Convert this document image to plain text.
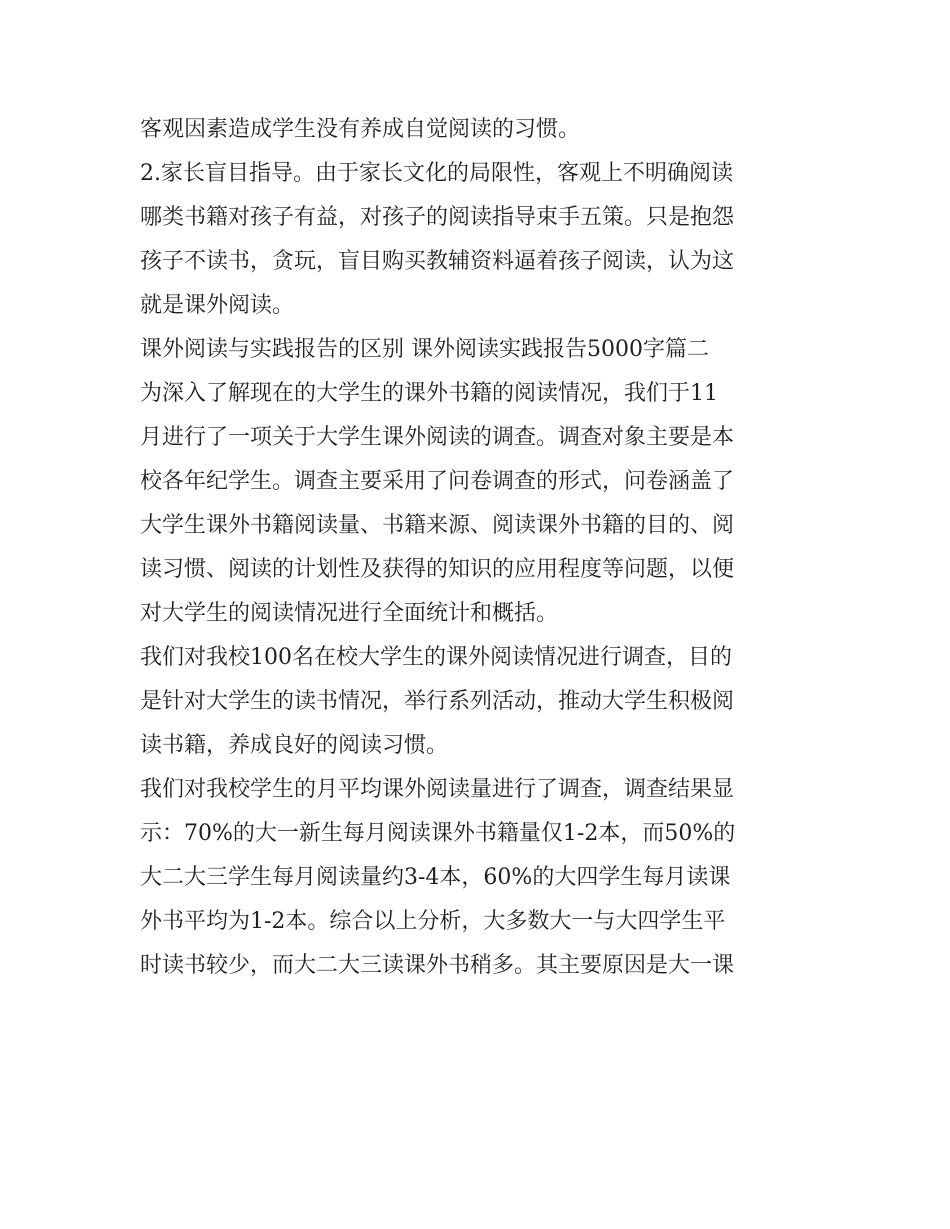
客观因素造成学生没有养成自觉阅读的习惯。
2.家长盲目指导。由于家长文化的局限性，客观上不明确阅读
哪类书籍对孩子有益，对孩子的阅读指导束手五策。只是抱怨
孩子不读书，贪玩，盲目购买教辅资料逼着孩子阅读，认为这
就是课外阅读。
课外阅读与实践报告的区别 课外阅读实践报告5000字篇二
为深入了解现在的大学生的课外书籍的阅读情况，我们于11
月进行了一项关于大学生课外阅读的调查。调查对象主要是本
校各年纪学生。调查主要采用了问卷调查的形式，问卷涵盖了
大学生课外书籍阅读量、书籍来源、阅读课外书籍的目的、阅
读习惯、阅读的计划性及获得的知识的应用程度等问题，以便
对大学生的阅读情况进行全面统计和概括。
我们对我校100名在校大学生的课外阅读情况进行调查，目的
是针对大学生的读书情况，举行系列活动，推动大学生积极阅
读书籍，养成良好的阅读习惯。
我们对我校学生的月平均课外阅读量进行了调查，调查结果显
示：70%的大一新生每月阅读课外书籍量仅1-2本，而50%的
大二大三学生每月阅读量约3-4本，60%的大四学生每月读课
外书平均为1-2本。综合以上分析，大多数大一与大四学生平
时读书较少，而大二大三读课外书稍多。其主要原因是大一课
